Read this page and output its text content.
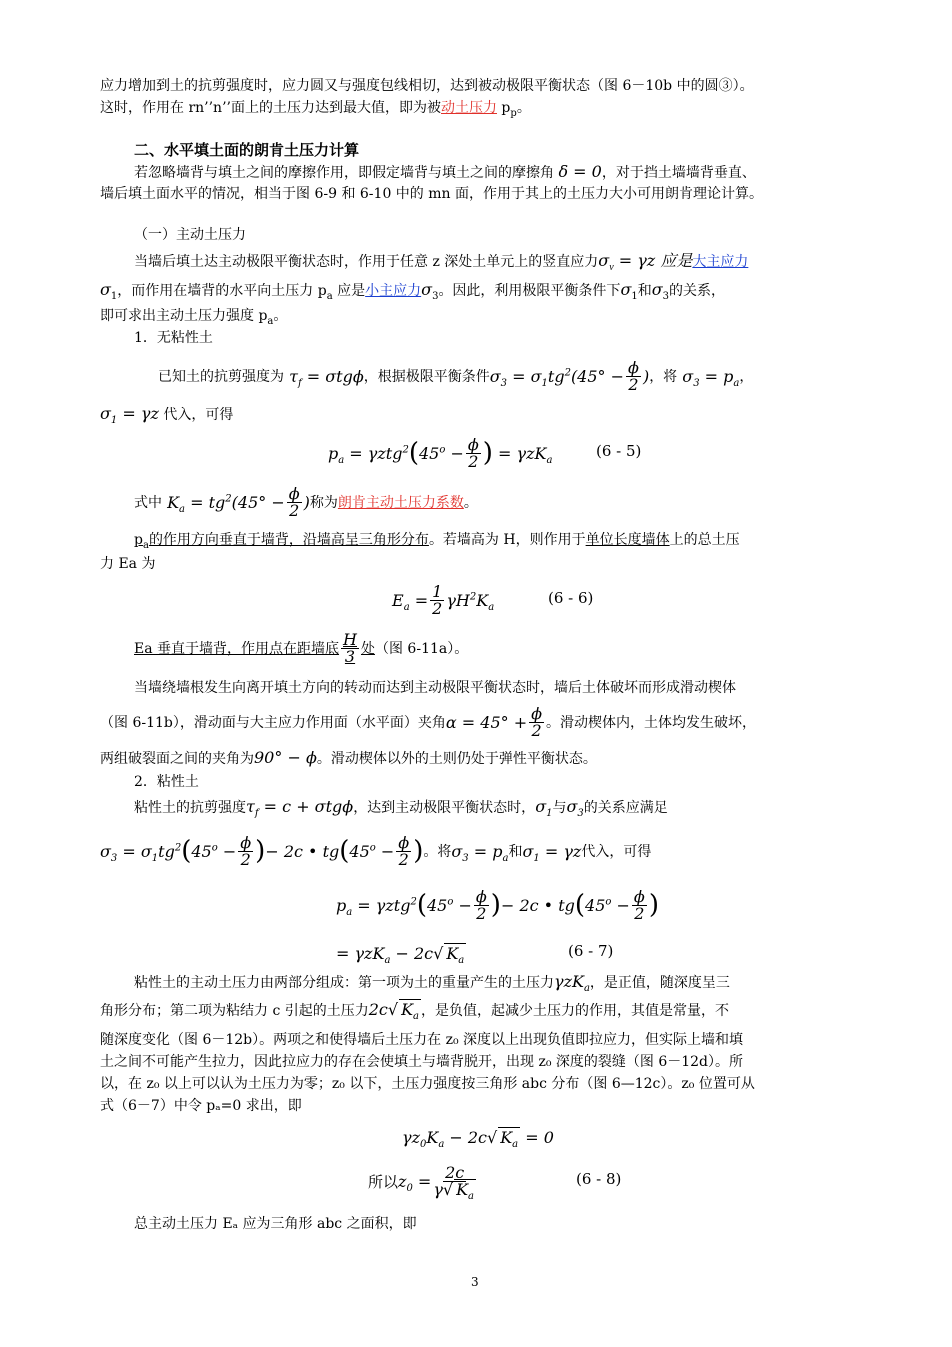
应力增加到土的抗剪强度时，应力圆又与强度包线相切，达到被动极限平衡状态（图 6－10b 中的圆③）。
这时，作用在 rn’’n’’面上的土压力达到最大值，即为被动土压力 $p_p$。
二、水平填土面的朗肯土压力计算
若忽略墙背与填土之间的摩擦作用，即假定墙背与填土之间的摩擦角 δ = 0，对于挡土墙墙背垂直、
墙后填土面水平的情况，相当于图 6-9 和 6-10 中的 mn 面，作用于其上的土压力大小可用朗肯理论计算。
（一）主动土压力
当墙后填土达主动极限平衡状态时，作用于任意 z 深处土单元上的竖直应力$\sigma_v = \gamma z$ 应是大主应力
$\sigma_1$，而作用在墙背的水平向土压力 $p_a$ 应是小主应力$\sigma_3$。因此，利用极限平衡条件下$\sigma_1$和$\sigma_3$的关系，
即可求出主动土压力强度 $p_a$。
1．无粘性土
已知土的抗剪强度为 $\tau_f = \sigma tg\phi$ ，根据极限平衡条件 $\sigma_3 = \sigma_1tg^2(45^\circ - \frac{\phi}{2}$ ) ，将 $\sigma_3 = p_a$ ，
$\sigma_1 = \gamma z$ 代入，可得
$p_a = \gamma ztg^2$ ( $45^o - \frac{\phi}{2}$ ) = γzK$_a$
(6 - 5)
式中 $K_a = tg^2(45^\circ - \frac{\phi}{2}$ ) 称为 朗肯主动土压力系数 。
$p_a$的作用方向垂直于墙背，沿墙高呈三角形分布。若墙高为 H，则作用于单位长度墙体上的总土压
力 Ea 为
$E_a = \frac{1}{2} \gamma H^2K_a$
(6 - 6)
Ea 垂直于墙背，作用点在距墙底 $\frac{H}{3}$ 处 （图 6-11a）。
当墙绕墙根发生向离开填土方向的转动而达到主动极限平衡状态时，墙后土体破坏而形成滑动楔体
（图 6-11b），滑动面与大主应力作用面（水平面）夹角 $\alpha = 45^\circ + \frac{\phi}{2}$ 。滑动楔体内，土体均发生破坏，
两组破裂面之间的夹角为90° − ϕ。滑动楔体以外的土则仍处于弹性平衡状态。
2．粘性土
粘性土的抗剪强度$\tau_f = c + \sigma tg\phi$，达到主动极限平衡状态时，$\sigma_1$与$\sigma_3$的关系应满足
$\sigma_3 = \sigma_1tg^2$ ( $45^o - \frac{\phi}{2}$ ) − 2c • tg ( $45^o - \frac{\phi}{2}$ ) 。将 $\sigma_3 = p_a$ 和 $\sigma_1 = \gamma z$ 代入，可得
$p_a = \gamma ztg^2$ ( $45^o - \frac{\phi}{2}$ ) − 2c • tg ( $45^o - \frac{\phi}{2}$ )
= γzK$_a$ − 2c√ $K_a$
(6 - 7)
粘性土的主动土压力由两部分组成：第一项为土的重量产生的土压力γzK$_a$，是正值，随深度呈三
角形分布；第二项为粘结力 c 引起的土压力2c√ $K_a$ ，是负值，起减少土压力的作用，其值是常量，不
随深度变化（图 6－12b）。两项之和使得墙后土压力在 z₀ 深度以上出现负值即拉应力，但实际上墙和填
土之间不可能产生拉力，因此拉应力的存在会使填土与墙背脱开，出现 z₀ 深度的裂缝（图 6－12d）。所
以，在 z₀ 以上可以认为土压力为零；z₀ 以下，土压力强度按三角形 abc 分布（图 6—12c）。z₀ 位置可从
式（6－7）中令 pₐ=0 求出，即
$\gamma z_0K_a - 2c√$ $K_a = 0$
所以 $z_0 = \frac{2c}{\gamma√ K_a}$	(6 - 8)
总主动土压力 Eₐ 应为三角形 abc 之面积，即
3
